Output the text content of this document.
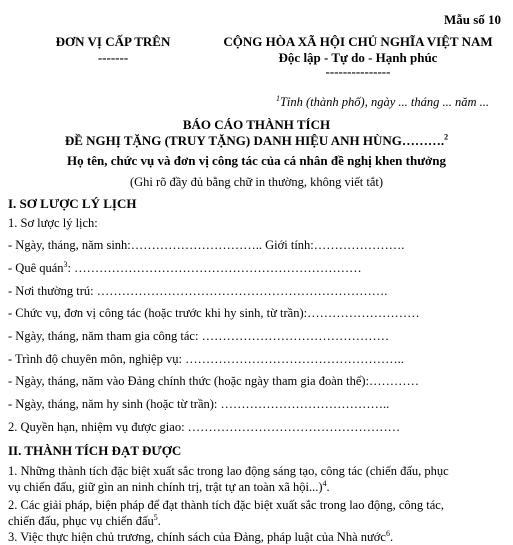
Mẫu số 10
ĐƠN VỊ CẤP TRÊN
-------
CỘNG HÒA XÃ HỘI CHỦ NGHĨA VIỆT NAM
Độc lập - Tự do - Hạnh phúc
---------------
$^1$Tỉnh (thành phố), ngày ... tháng ... năm ...
BÁO CÁO THÀNH TÍCH
ĐỀ NGHỊ TẶNG (TRUY TẶNG) DANH HIỆU ANH HÙNG……….$^2$
Họ tên, chức vụ và đơn vị công tác của cá nhân đề nghị khen thưởng
(Ghi rõ đầy đủ bằng chữ in thường, không viết tắt)
I. SƠ LƯỢC LÝ LỊCH
1. Sơ lược lý lịch:
- Ngày, tháng, năm sinh:………………………….. Giới tính:………………….
- Quê quán$^3$: ……………………………………………………………
- Nơi thường trú: …………………………………………………………….
- Chức vụ, đơn vị công tác (hoặc trước khi hy sinh, từ trần):………………………
- Ngày, tháng, năm tham gia công tác: ………………………………………
- Trình độ chuyên môn, nghiệp vụ: ……………………………………………..
- Ngày, tháng, năm vào Đảng chính thức (hoặc ngày tham gia đoàn thể):…………
- Ngày, tháng, năm hy sinh (hoặc từ trần): …………………………………..
2. Quyền hạn, nhiệm vụ được giao: ……………………………………………
II. THÀNH TÍCH ĐẠT ĐƯỢC
1. Những thành tích đặc biệt xuất sắc trong lao động sáng tạo, công tác (chiến đấu, phục
vụ chiến đấu, giữ gìn an ninh chính trị, trật tự an toàn xã hội...)$^4$.
2. Các giải pháp, biện pháp để đạt thành tích đặc biệt xuất sắc trong lao động, công tác,
chiến đấu, phục vụ chiến đấu$^5$.
3. Việc thực hiện chủ trương, chính sách của Đảng, pháp luật của Nhà nước$^6$.
